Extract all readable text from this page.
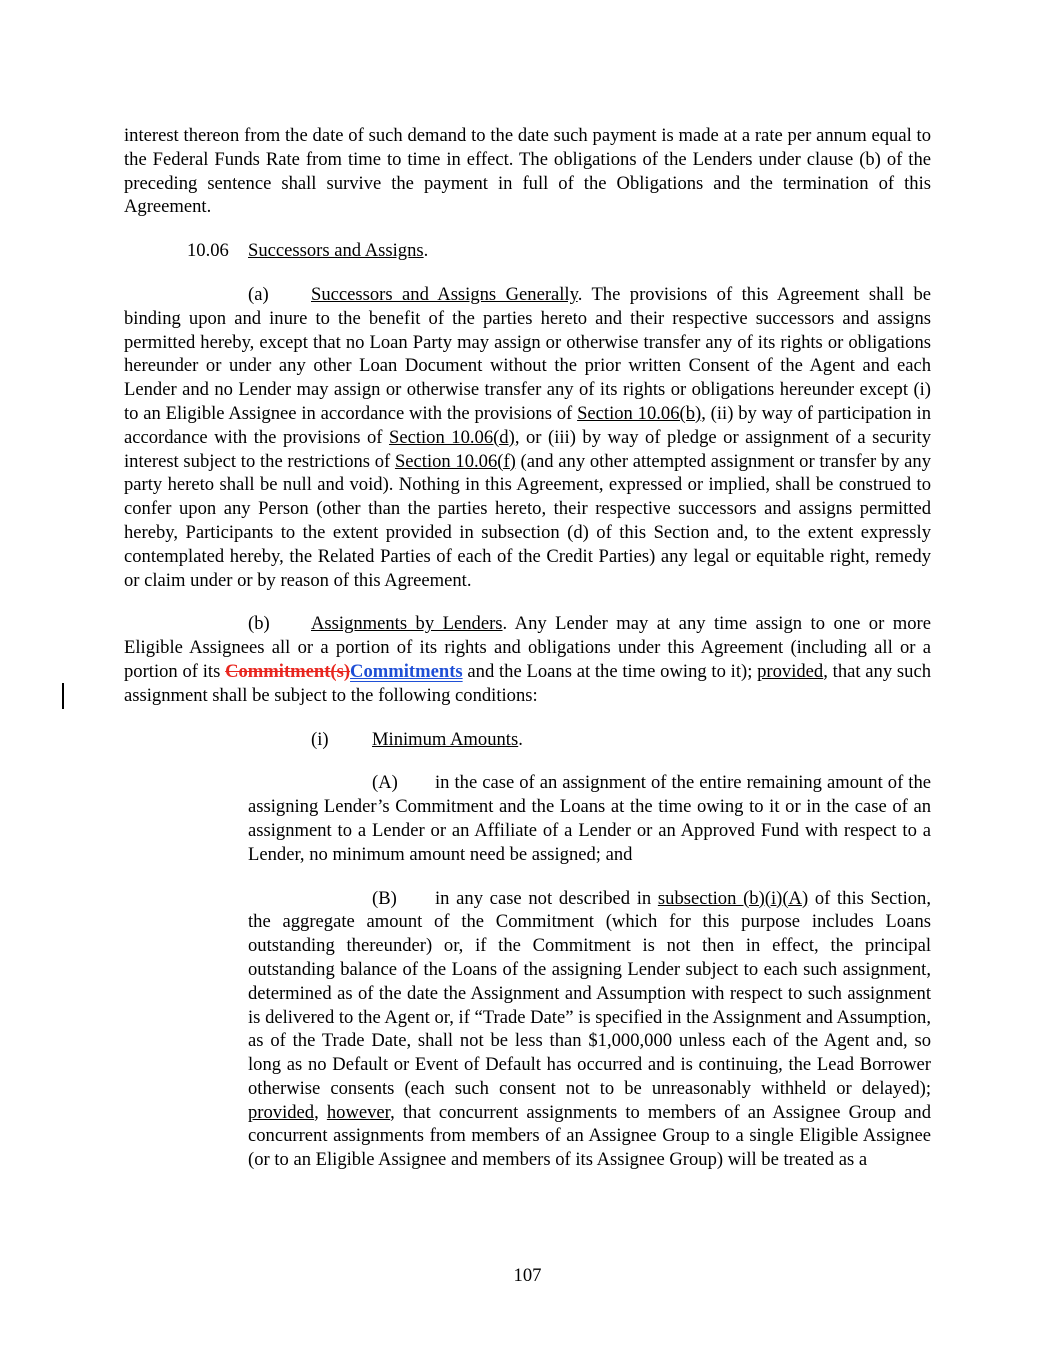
interest thereon from the date of such demand to the date such payment is made at a rate per annum equal to the Federal Funds Rate from time to time in effect. The obligations of the Lenders under clause (b) of the preceding sentence shall survive the payment in full of the Obligations and the termination of this Agreement.

10.06 Successors and Assigns.

(a) Successors and Assigns Generally. The provisions of this Agreement shall be binding upon and inure to the benefit of the parties hereto and their respective successors and assigns permitted hereby, except that no Loan Party may assign or otherwise transfer any of its rights or obligations hereunder or under any other Loan Document without the prior written Consent of the Agent and each Lender and no Lender may assign or otherwise transfer any of its rights or obligations hereunder except (i) to an Eligible Assignee in accordance with the provisions of Section 10.06(b), (ii) by way of participation in accordance with the provisions of Section 10.06(d), or (iii) by way of pledge or assignment of a security interest subject to the restrictions of Section 10.06(f) (and any other attempted assignment or transfer by any party hereto shall be null and void). Nothing in this Agreement, expressed or implied, shall be construed to confer upon any Person (other than the parties hereto, their respective successors and assigns permitted hereby, Participants to the extent provided in subsection (d) of this Section and, to the extent expressly contemplated hereby, the Related Parties of each of the Credit Parties) any legal or equitable right, remedy or claim under or by reason of this Agreement.

(b) Assignments by Lenders. Any Lender may at any time assign to one or more Eligible Assignees all or a portion of its rights and obligations under this Agreement (including all or a portion of its Commitment(s)Commitments and the Loans at the time owing to it); provided, that any such assignment shall be subject to the following conditions:

(i) Minimum Amounts.

(A) in the case of an assignment of the entire remaining amount of the assigning Lender’s Commitment and the Loans at the time owing to it or in the case of an assignment to a Lender or an Affiliate of a Lender or an Approved Fund with respect to a Lender, no minimum amount need be assigned; and

(B) in any case not described in subsection (b)(i)(A) of this Section, the aggregate amount of the Commitment (which for this purpose includes Loans outstanding thereunder) or, if the Commitment is not then in effect, the principal outstanding balance of the Loans of the assigning Lender subject to each such assignment, determined as of the date the Assignment and Assumption with respect to such assignment is delivered to the Agent or, if “Trade Date” is specified in the Assignment and Assumption, as of the Trade Date, shall not be less than $1,000,000 unless each of the Agent and, so long as no Default or Event of Default has occurred and is continuing, the Lead Borrower otherwise consents (each such consent not to be unreasonably withheld or delayed); provided, however, that concurrent assignments to members of an Assignee Group and concurrent assignments from members of an Assignee Group to a single Eligible Assignee (or to an Eligible Assignee and members of its Assignee Group) will be treated as a

107
